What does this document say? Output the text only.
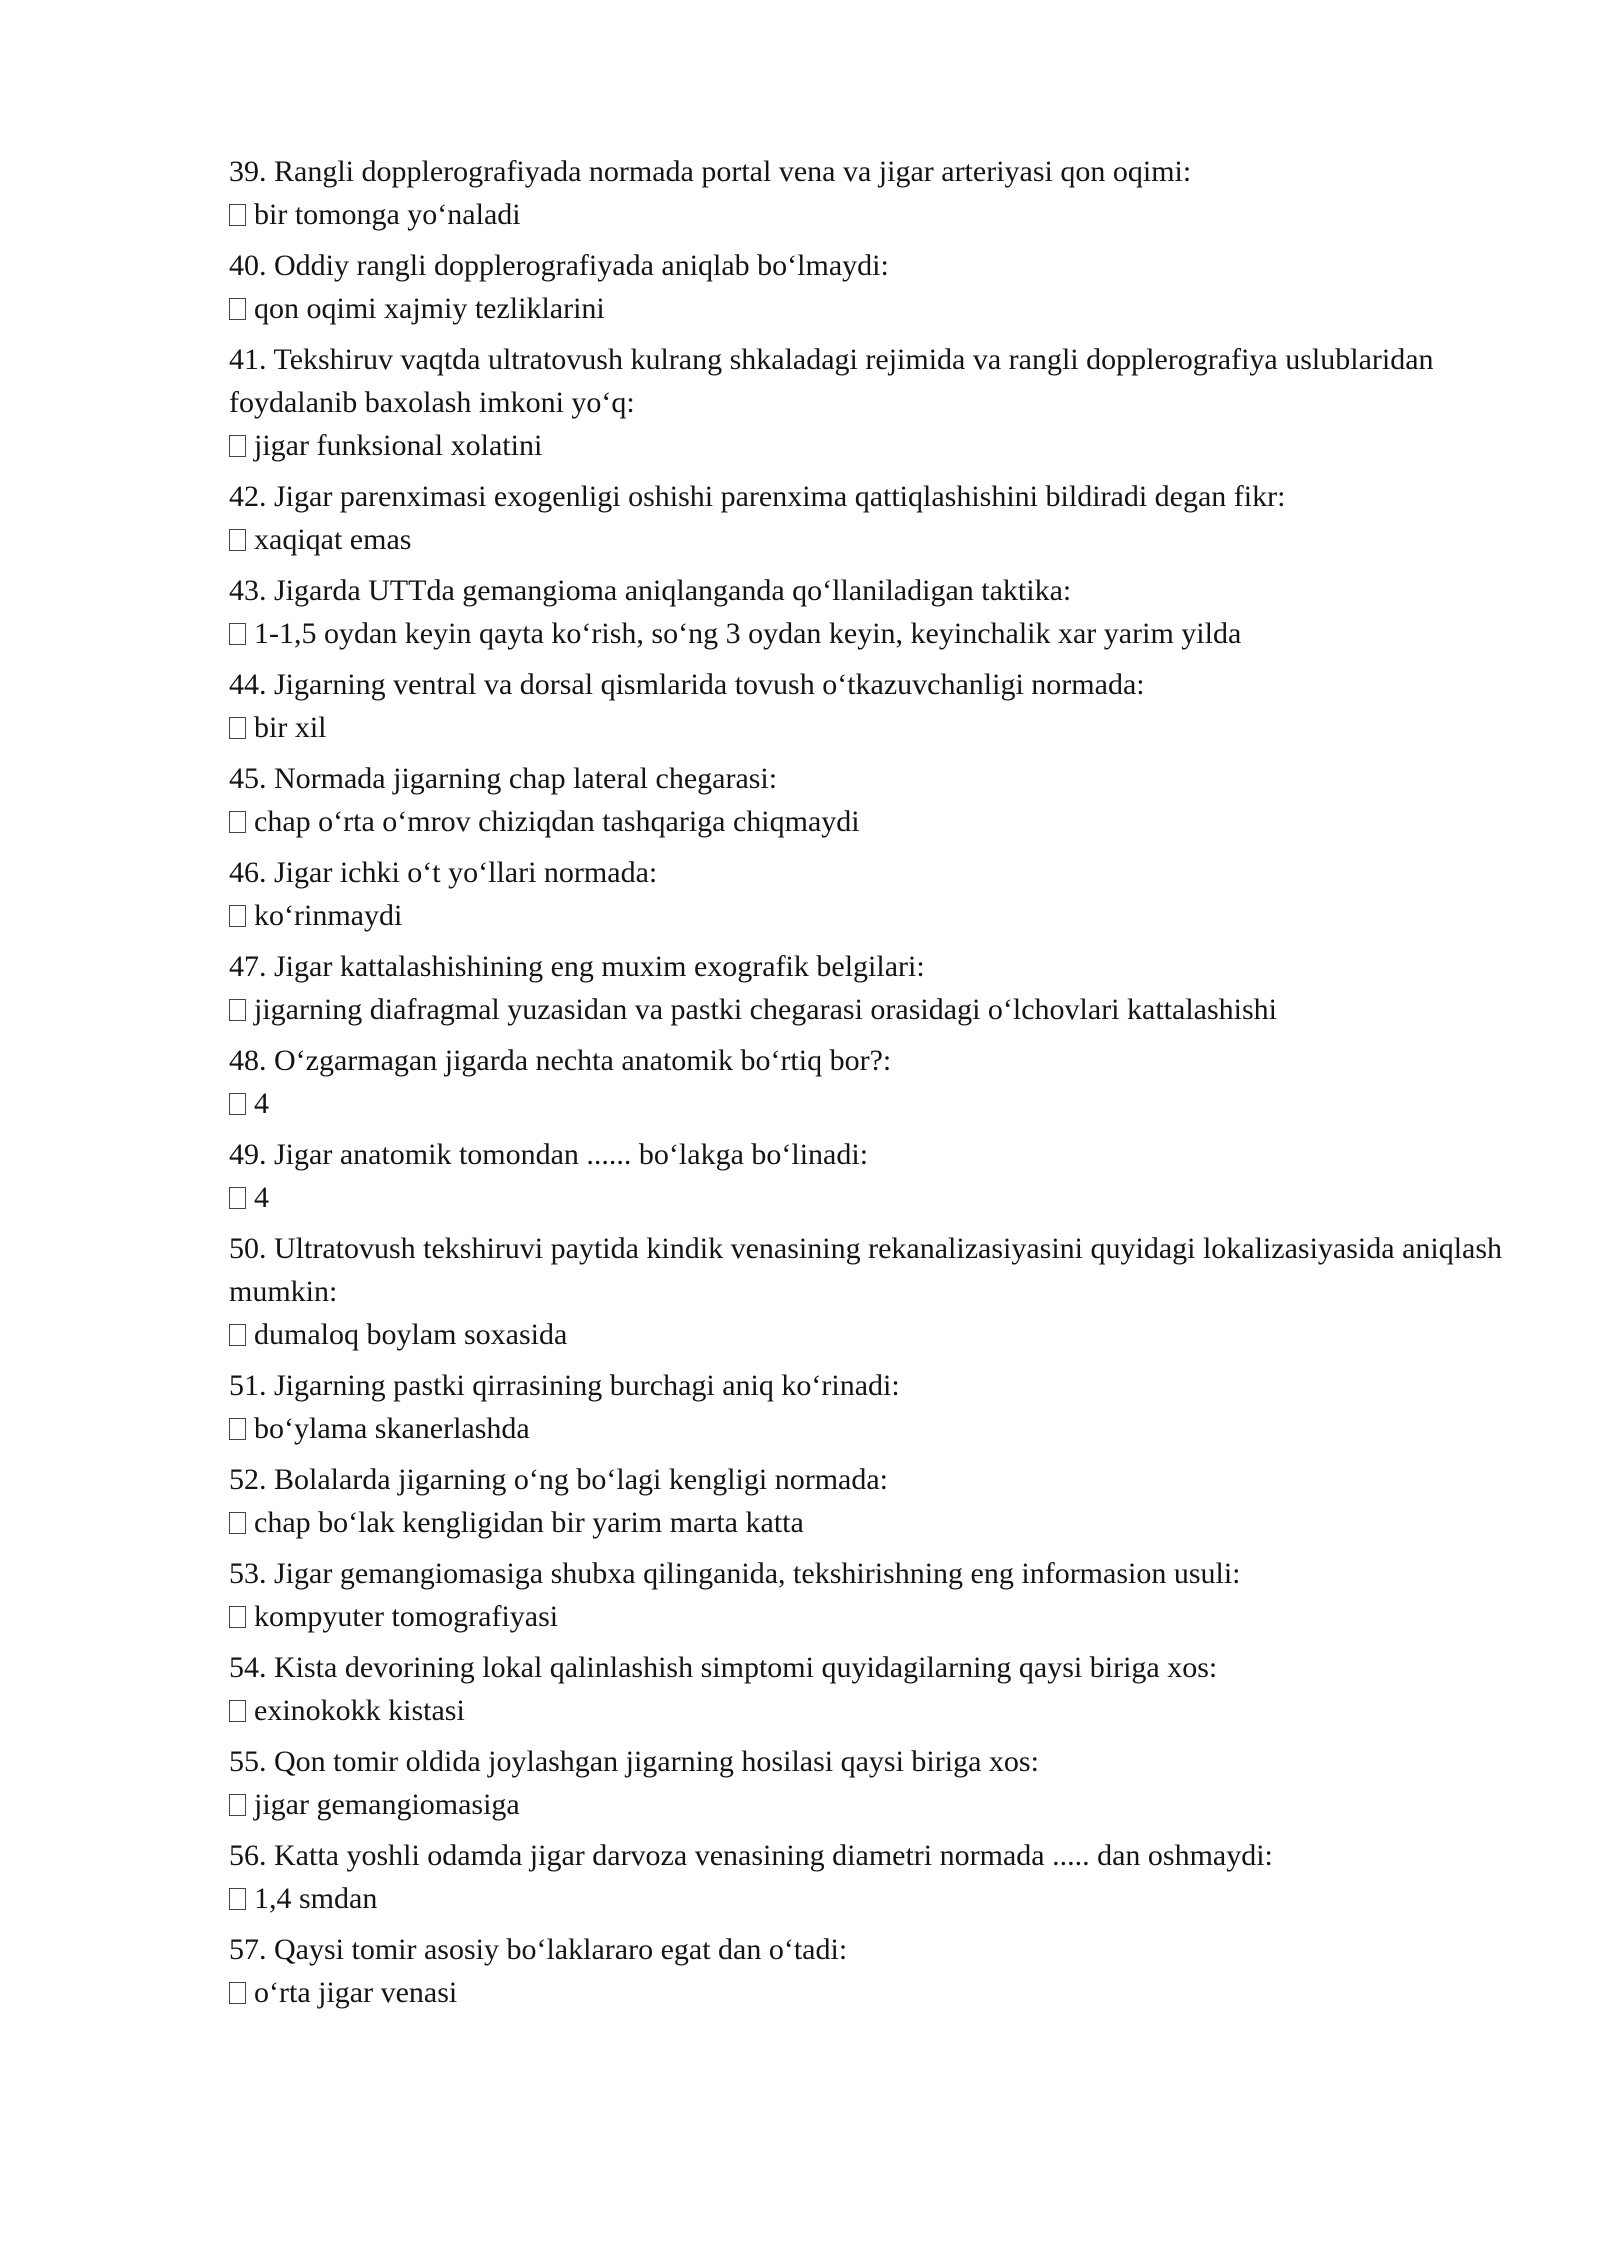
39. Rangli dopplerografiyada normada portal vena va jigar arteriyasi qon oqimi:

bir tomonga yo‘naladi

40. Oddiy rangli dopplerografiyada aniqlab bo‘lmaydi:

qon oqimi xajmiy tezliklarini

41. Tekshiruv vaqtda ultratovush kulrang shkaladagi rejimida va rangli dopplerografiya uslublaridan foydalanib baxolash imkoni yo‘q:

jigar funksional xolatini

42. Jigar parenximasi exogenligi oshishi parenxima qattiqlashishini bildiradi degan fikr:

xaqiqat emas

43. Jigarda UTTda gemangioma aniqlanganda qo‘llaniladigan taktika:

1-1,5 oydan keyin qayta ko‘rish, so‘ng 3 oydan keyin, keyinchalik xar yarim yilda

44. Jigarning ventral va dorsal qismlarida tovush o‘tkazuvchanligi normada:

bir xil

45. Normada jigarning chap lateral chegarasi:

chap o‘rta o‘mrov chiziqdan tashqariga chiqmaydi

46. Jigar ichki o‘t yo‘llari normada:

ko‘rinmaydi

47. Jigar kattalashishining eng muxim exografik belgilari:

jigarning diafragmal yuzasidan va pastki chegarasi orasidagi o‘lchovlari kattalashishi

48. O‘zgarmagan jigarda nechta anatomik bo‘rtiq bor?:

4

49. Jigar anatomik tomondan ...... bo‘lakga bo‘linadi:

4

50. Ultratovush tekshiruvi paytida kindik venasining rekanalizasiyasini quyidagi lokalizasiyasida aniqlash mumkin:

dumaloq boylam soxasida

51. Jigarning pastki qirrasining burchagi aniq ko‘rinadi:

bo‘ylama skanerlashda

52. Bolalarda jigarning o‘ng bo‘lagi kengligi normada:

chap bo‘lak kengligidan bir yarim marta katta

53. Jigar gemangiomasiga shubxa qilinganida, tekshirishning eng informasion usuli:

kompyuter tomografiyasi

54. Kista devorining lokal qalinlashish simptomi quyidagilarning qaysi biriga xos:

exinokokk kistasi

55. Qon tomir oldida joylashgan jigarning hosilasi qaysi biriga xos:

jigar gemangiomasiga

56. Katta yoshli odamda jigar darvoza venasining diametri normada ..... dan oshmaydi:

1,4 smdan

57. Qaysi tomir asosiy bo‘laklararo egat dan o‘tadi:

o‘rta jigar venasi
